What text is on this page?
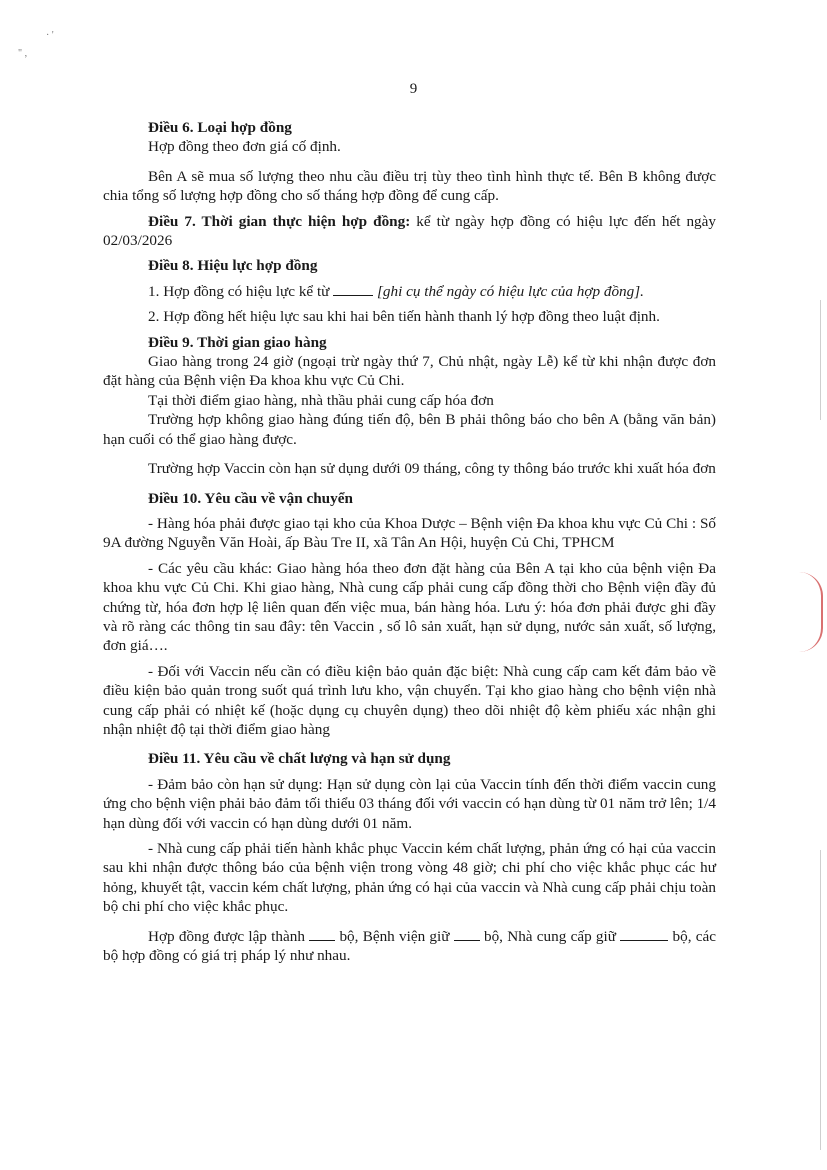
· '
" ,
9

Điều 6. Loại hợp đồng

Hợp đồng theo đơn giá cố định.

Bên A sẽ mua số lượng theo nhu cầu điều trị tùy theo tình hình thực tế. Bên B không được chia tổng số lượng hợp đồng cho số tháng hợp đồng để cung cấp.

Điều 7. Thời gian thực hiện hợp đồng: kể từ ngày hợp đồng có hiệu lực đến hết ngày 02/03/2026

Điều 8. Hiệu lực hợp đồng

1. Hợp đồng có hiệu lực kể từ	[ghi cụ thể ngày có hiệu lực của hợp đồng].

2. Hợp đồng hết hiệu lực sau khi hai bên tiến hành thanh lý hợp đồng theo luật định.

Điều 9. Thời gian giao hàng

Giao hàng trong 24 giờ (ngoại trừ ngày thứ 7, Chủ nhật, ngày Lễ) kể từ khi nhận được đơn đặt hàng của Bệnh viện Đa khoa khu vực Củ Chi.

Tại thời điểm giao hàng, nhà thầu phải cung cấp hóa đơn

Trường hợp không giao hàng đúng tiến độ, bên B phải thông báo cho bên A (bằng văn bản) hạn cuối có thể giao hàng được.

Trường hợp Vaccin còn hạn sử dụng dưới 09 tháng, công ty thông báo trước khi xuất hóa đơn

Điều 10. Yêu cầu về vận chuyển

- Hàng hóa phải được giao tại kho của Khoa Dược – Bệnh viện Đa khoa khu vực Củ Chi : Số 9A đường Nguyễn Văn Hoài, ấp Bàu Tre II, xã Tân An Hội, huyện Củ Chi, TPHCM

- Các yêu cầu khác: Giao hàng hóa theo đơn đặt hàng của Bên A tại kho của bệnh viện Đa khoa khu vực Củ Chi. Khi giao hàng, Nhà cung cấp phải cung cấp đồng thời cho Bệnh viện đầy đủ chứng từ, hóa đơn hợp lệ liên quan đến việc mua, bán hàng hóa. Lưu ý: hóa đơn phải được ghi đầy và rõ ràng các thông tin sau đây: tên Vaccin , số lô sản xuất, hạn sử dụng, nước sản xuất, số lượng, đơn giá….

- Đối với Vaccin nếu cần có điều kiện bảo quản đặc biệt: Nhà cung cấp cam kết đảm bảo về điều kiện bảo quản trong suốt quá trình lưu kho, vận chuyển. Tại kho giao hàng cho bệnh viện nhà cung cấp phải có nhiệt kế (hoặc dụng cụ chuyên dụng) theo dõi nhiệt độ kèm phiếu xác nhận ghi nhận nhiệt độ tại thời điểm giao hàng

Điều 11. Yêu cầu về chất lượng và hạn sử dụng

- Đảm bảo còn hạn sử dụng: Hạn sử dụng còn lại của Vaccin tính đến thời điểm vaccin cung ứng cho bệnh viện phải bảo đảm tối thiểu 03 tháng đối với vaccin có hạn dùng từ 01 năm trở lên; 1/4 hạn dùng đối với vaccin có hạn dùng dưới 01 năm.

- Nhà cung cấp phải tiến hành khắc phục Vaccin kém chất lượng, phản ứng có hại của vaccin sau khi nhận được thông báo của bệnh viện trong vòng 48 giờ; chi phí cho việc khắc phục các hư hỏng, khuyết tật, vaccin kém chất lượng, phản ứng có hại của vaccin và Nhà cung cấp phải chịu toàn bộ chi phí cho việc khắc phục.

Hợp đồng được lập thành  bộ, Bệnh viện giữ  bộ, Nhà cung cấp giữ	bộ, các bộ hợp đồng có giá trị pháp lý như nhau.
